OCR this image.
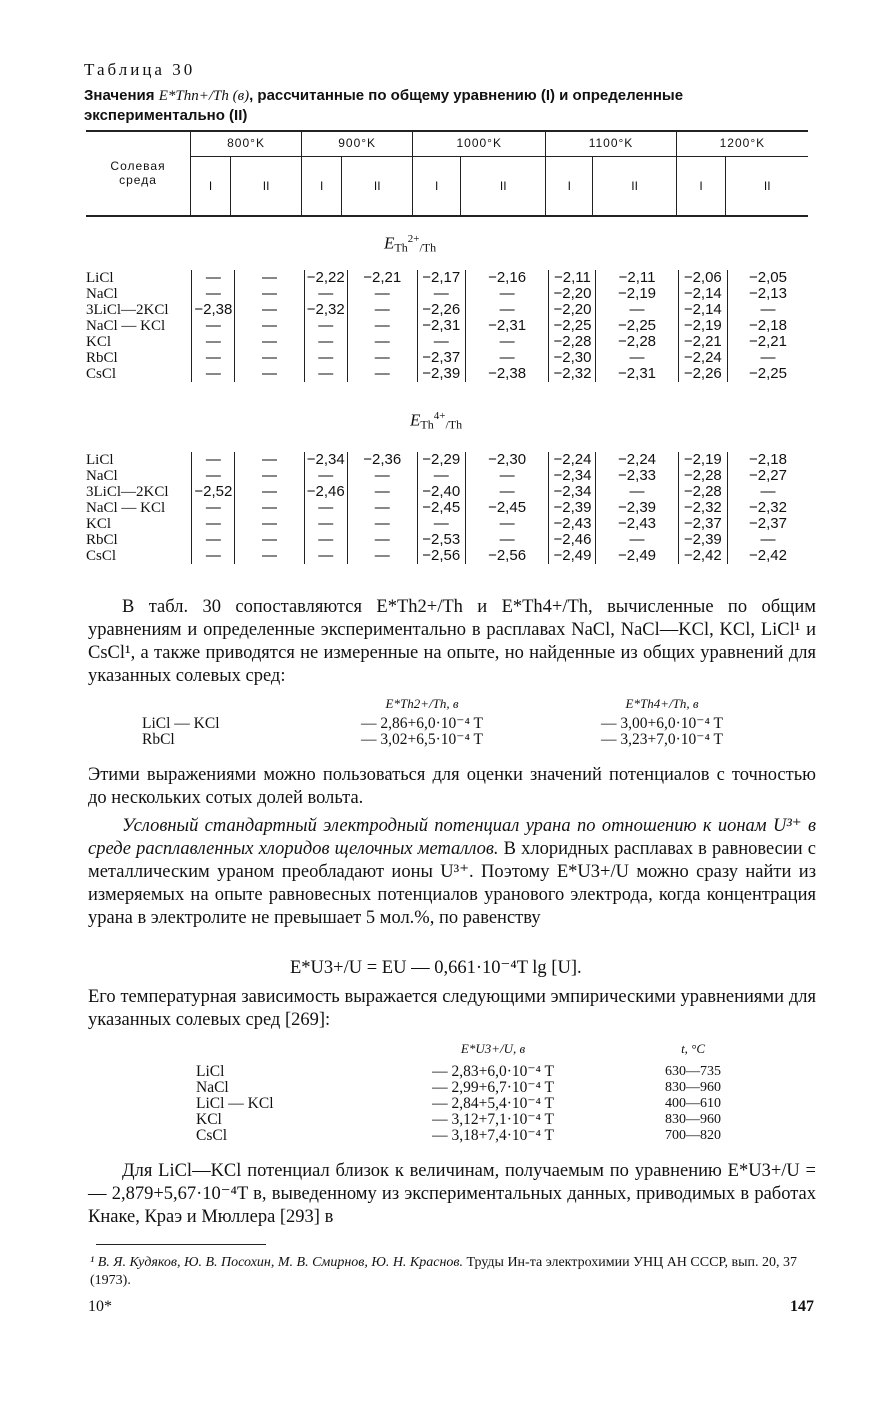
Таблица 30
Значения E*Thn+/Th (в), рассчитанные по общему уравнению (I) и определенные экспериментально (II)
Солевая
среда	800°K		900°K		1000°K		1100°K		1200°K	
	I	II	I	II	I	II	I	II	I	II
$E_{Th}^{2+}_{/Th}$
LiCl	—	—	−2,22	−2,21	−2,17	−2,16	−2,11	−2,11	−2,06	−2,05
NaCl	—	—	—	—	—	—	−2,20	−2,19	−2,14	−2,13
3LiCl—2KCl	−2,38	—	−2,32	—	−2,26	—	−2,20	—	−2,14	—
NaCl — KCl	—	—	—	—	−2,31	−2,31	−2,25	−2,25	−2,19	−2,18
KCl	—	—	—	—	—	—	−2,28	−2,28	−2,21	−2,21
RbCl	—	—	—	—	−2,37	—	−2,30	—	−2,24	—
CsCl	—	—	—	—	−2,39	−2,38	−2,32	−2,31	−2,26	−2,25
$E_{Th}^{4+}_{/Th}$
LiCl	—	—	−2,34	−2,36	−2,29	−2,30	−2,24	−2,24	−2,19	−2,18
NaCl	—	—	—	—	—	—	−2,34	−2,33	−2,28	−2,27
3LiCl—2KCl	−2,52	—	−2,46	—	−2,40	—	−2,34	—	−2,28	—
NaCl — KCl	—	—	—	—	−2,45	−2,45	−2,39	−2,39	−2,32	−2,32
KCl	—	—	—	—	—	—	−2,43	−2,43	−2,37	−2,37
RbCl	—	—	—	—	−2,53	—	−2,46	—	−2,39	—
CsCl	—	—	—	—	−2,56	−2,56	−2,49	−2,49	−2,42	−2,42

В табл. 30 сопоставляются E*Th2+/Th и E*Th4+/Th, вычисленные по общим уравнениям и определенные экспериментально в расплавах NaCl, NaCl—KCl, KCl, LiCl¹ и CsCl¹, а также приводятся не измеренные на опыте, но найденные из общих уравнений для указанных солевых сред:

	E*Th2+/Th, в	E*Th4+/Th, в
LiCl — KCl	— 2,86+6,0·10⁻⁴ T	— 3,00+6,0·10⁻⁴ T
RbCl	— 3,02+6,5·10⁻⁴ T	— 3,23+7,0·10⁻⁴ T

Этими выражениями можно пользоваться для оценки значений потенциалов с точностью до нескольких сотых долей вольта.

Условный стандартный электродный потенциал урана по отношению к ионам U³⁺ в среде расплавленных хлоридов щелочных металлов. В хлоридных расплавах в равновесии с металлическим ураном преобладают ионы U³⁺. Поэтому E*U3+/U можно сразу найти из измеряемых на опыте равновесных потенциалов уранового электрода, когда концентрация урана в электролите не превышает 5 мол.%, по равенству

E*U3+/U = EU — 0,661·10⁻⁴T lg [U].

Его температурная зависимость выражается следующими эмпирическими уравнениями для указанных солевых сред [269]:

	E*U3+/U, в	t, °C
LiCl	— 2,83+6,0·10⁻⁴ T	630—735
NaCl	— 2,99+6,7·10⁻⁴ T	830—960
LiCl — KCl	— 2,84+5,4·10⁻⁴ T	400—610
KCl	— 3,12+7,1·10⁻⁴ T	830—960
CsCl	— 3,18+7,4·10⁻⁴ T	700—820

Для LiCl—KCl потенциал близок к величинам, получаемым по уравнению E*U3+/U = — 2,879+5,67·10⁻⁴T в, выведенному из экспериментальных данных, приводимых в работах Кнаке, Краэ и Мюллера [293] в

¹ В. Я. Кудяков, Ю. В. Посохин, М. В. Смирнов, Ю. Н. Краснов. Труды Ин-та электрохимии УНЦ АН СССР, вып. 20, 37 (1973).
10*	147
